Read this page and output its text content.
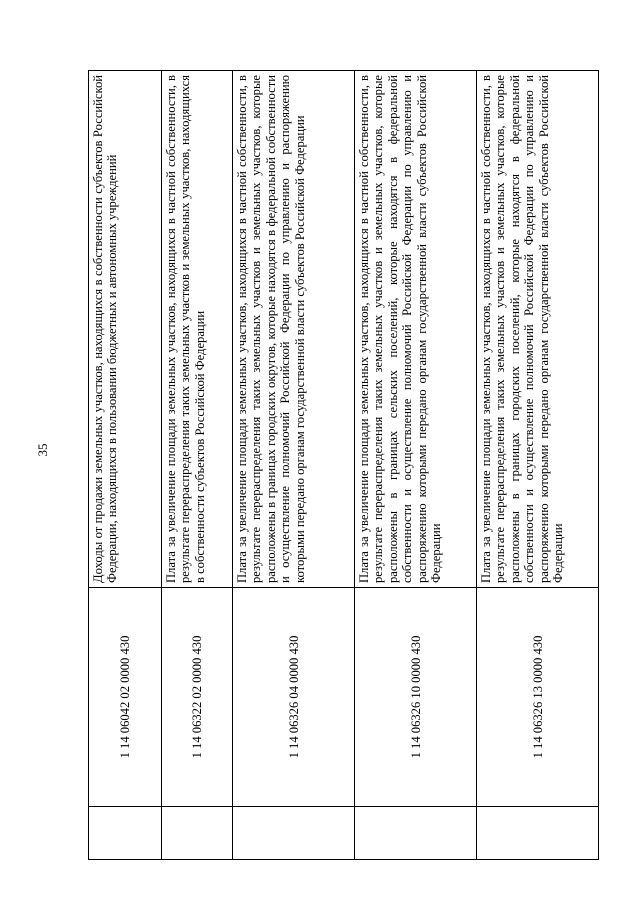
35
	1 14 06042 02 0000 430	Доходы от продажи земельных участков, находящихся в собственности субъектов Российской Федерации, находящихся в пользовании бюджетных и автономных учреждений
	1 14 06322 02 0000 430	Плата за увеличение площади земельных участков, находящихся в частной собственности, в результате перераспределения таких земельных участков и земельных участков, находящихся в собственности субъектов Российской Федерации
	1 14 06326 04 0000 430	Плата за увеличение площади земельных участков, находящихся в частной собственности, в результате перераспределения таких земельных участков и земельных участков, которые расположены в границах городских округов, которые находятся в федеральной собственности и осуществление полномочий Российской Федерации по управлению и распоряжению которыми передано органам государственной власти субъектов Российской Федерации
	1 14 06326 10 0000 430	Плата за увеличение площади земельных участков, находящихся в частной собственности, в результате перераспределения таких земельных участков и земельных участков, которые расположены в границах сельских поселений, которые находятся в федеральной собственности и осуществление полномочий Российской Федерации по управлению и распоряжению которыми передано органам государственной власти субъектов Российской Федерации
	1 14 06326 13 0000 430	Плата за увеличение площади земельных участков, находящихся в частной собственности, в результате перераспределения таких земельных участков и земельных участков, которые расположены в границах городских поселений, которые находятся в федеральной собственности и осуществление полномочий Российской Федерации по управлению и распоряжению которыми передано органам государственной власти субъектов Российской Федерации
